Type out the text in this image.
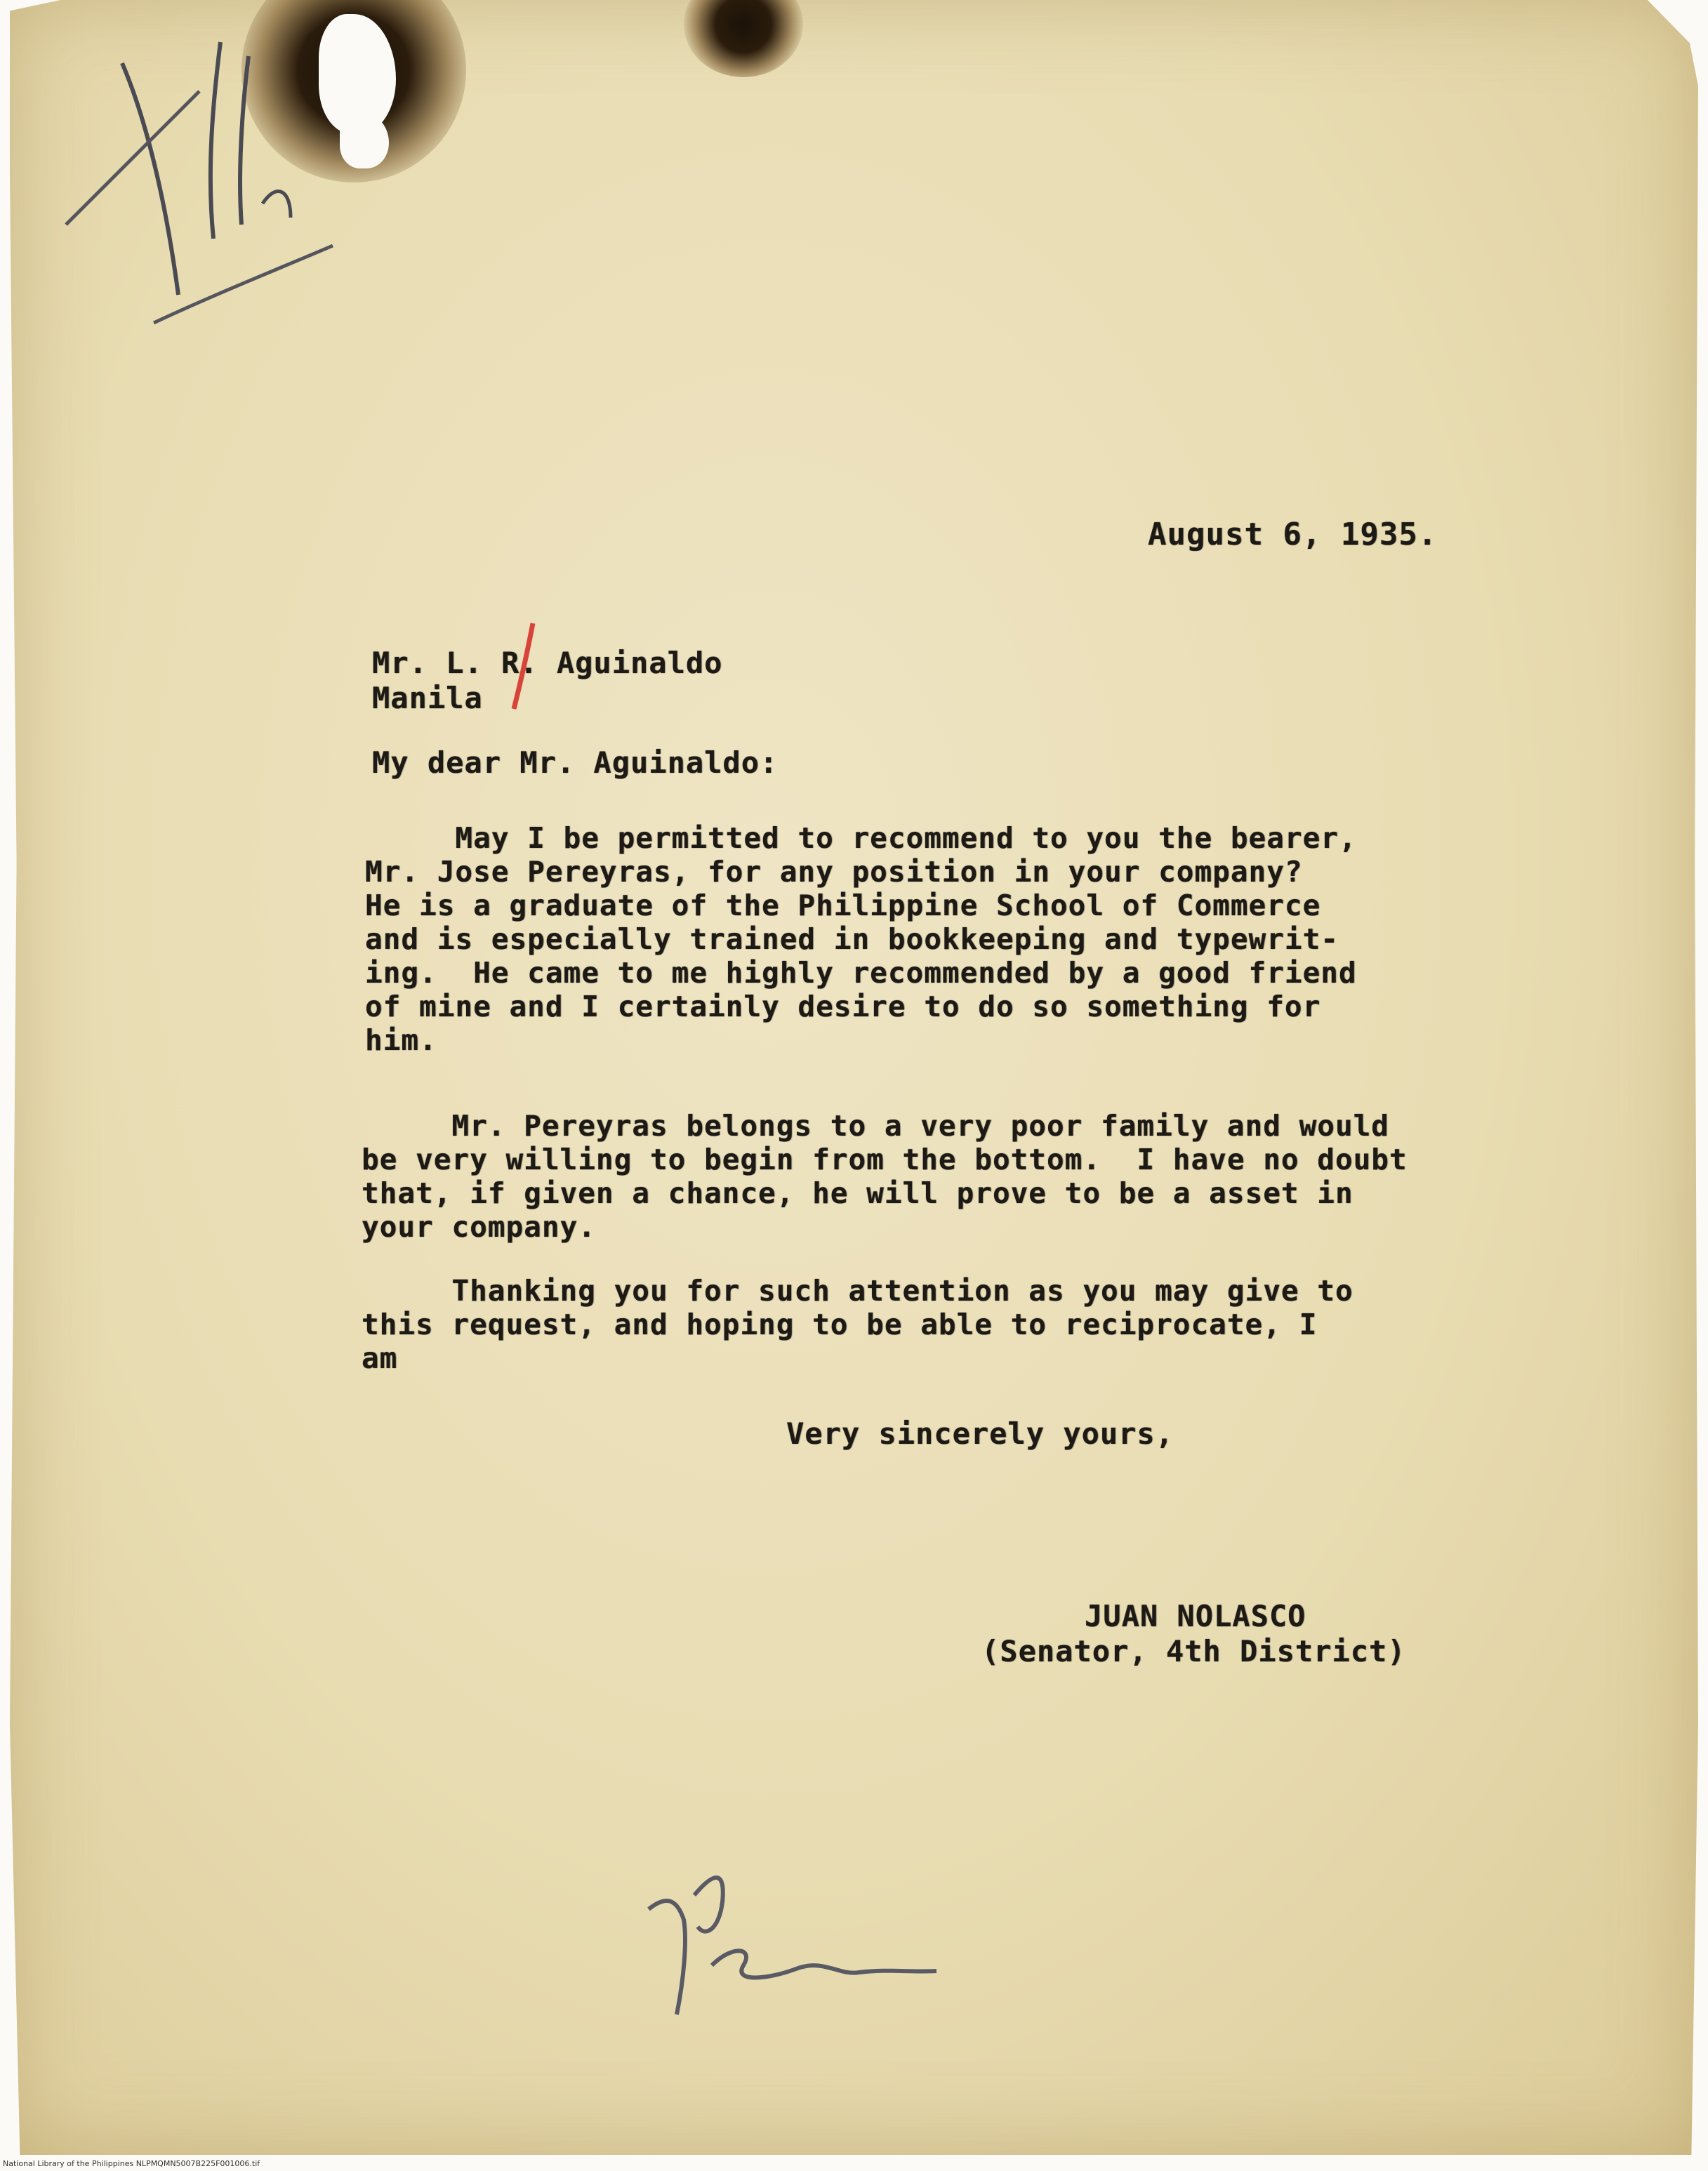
August 6, 1935.
Mr. L. R. Aguinaldo
Manila
My dear Mr. Aguinaldo:
May I be permitted to recommend to you the bearer,
Mr. Jose Pereyras, for any position in your company?
He is a graduate of the Philippine School of Commerce
and is especially trained in bookkeeping and typewrit-
ing.  He came to me highly recommended by a good friend
of mine and I certainly desire to do so something for
him.
Mr. Pereyras belongs to a very poor family and would
be very willing to begin from the bottom.  I have no doubt
that, if given a chance, he will prove to be a asset in
your company.
Thanking you for such attention as you may give to
this request, and hoping to be able to reciprocate, I
am
Very sincerely yours,
JUAN NOLASCO
(Senator, 4th District)
National Library of the Philippines NLPMQMN5007B225F001006.tif
